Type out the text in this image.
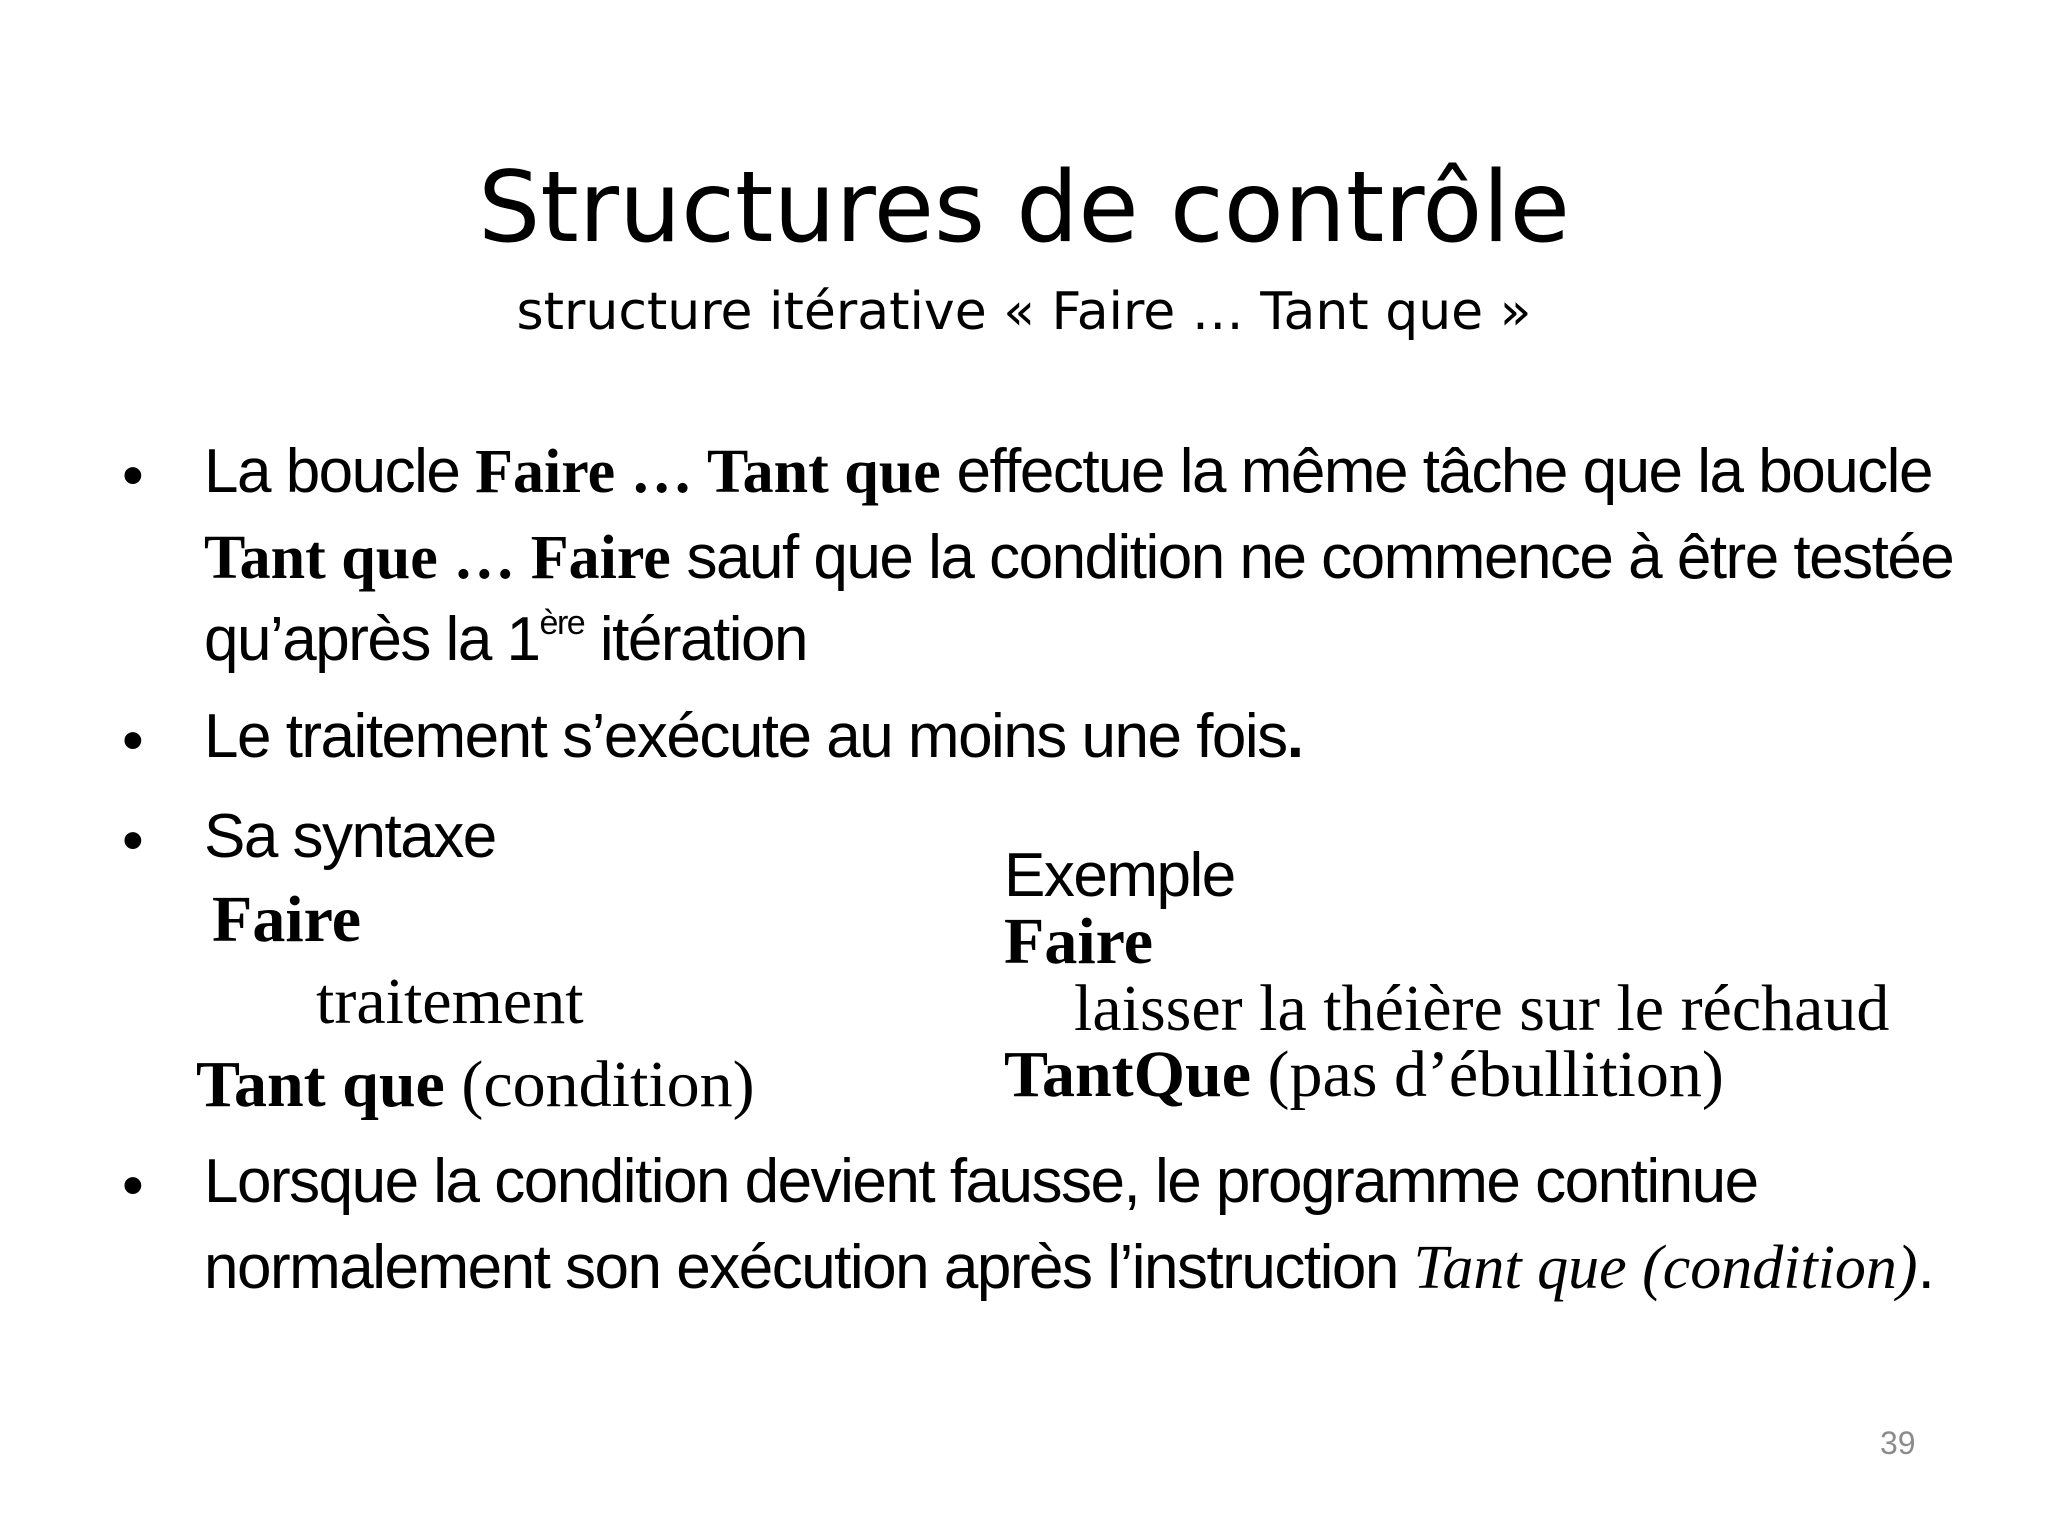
Structures de contrôle
structure itérative « Faire … Tant que »
• La boucle Faire … Tant que effectue la même tâche que la boucle
Tant que … Faire sauf que la condition ne commence à être testée
qu’après la 1ère itération
• Le traitement s’exécute au moins une fois.
• Sa syntaxe
Faire
traitement
Tant que (condition)
Exemple
Faire
laisser la théière sur le réchaud
TantQue (pas d’ébullition)
• Lorsque la condition devient fausse, le programme continue
normalement son exécution après l’instruction Tant que (condition).
39
